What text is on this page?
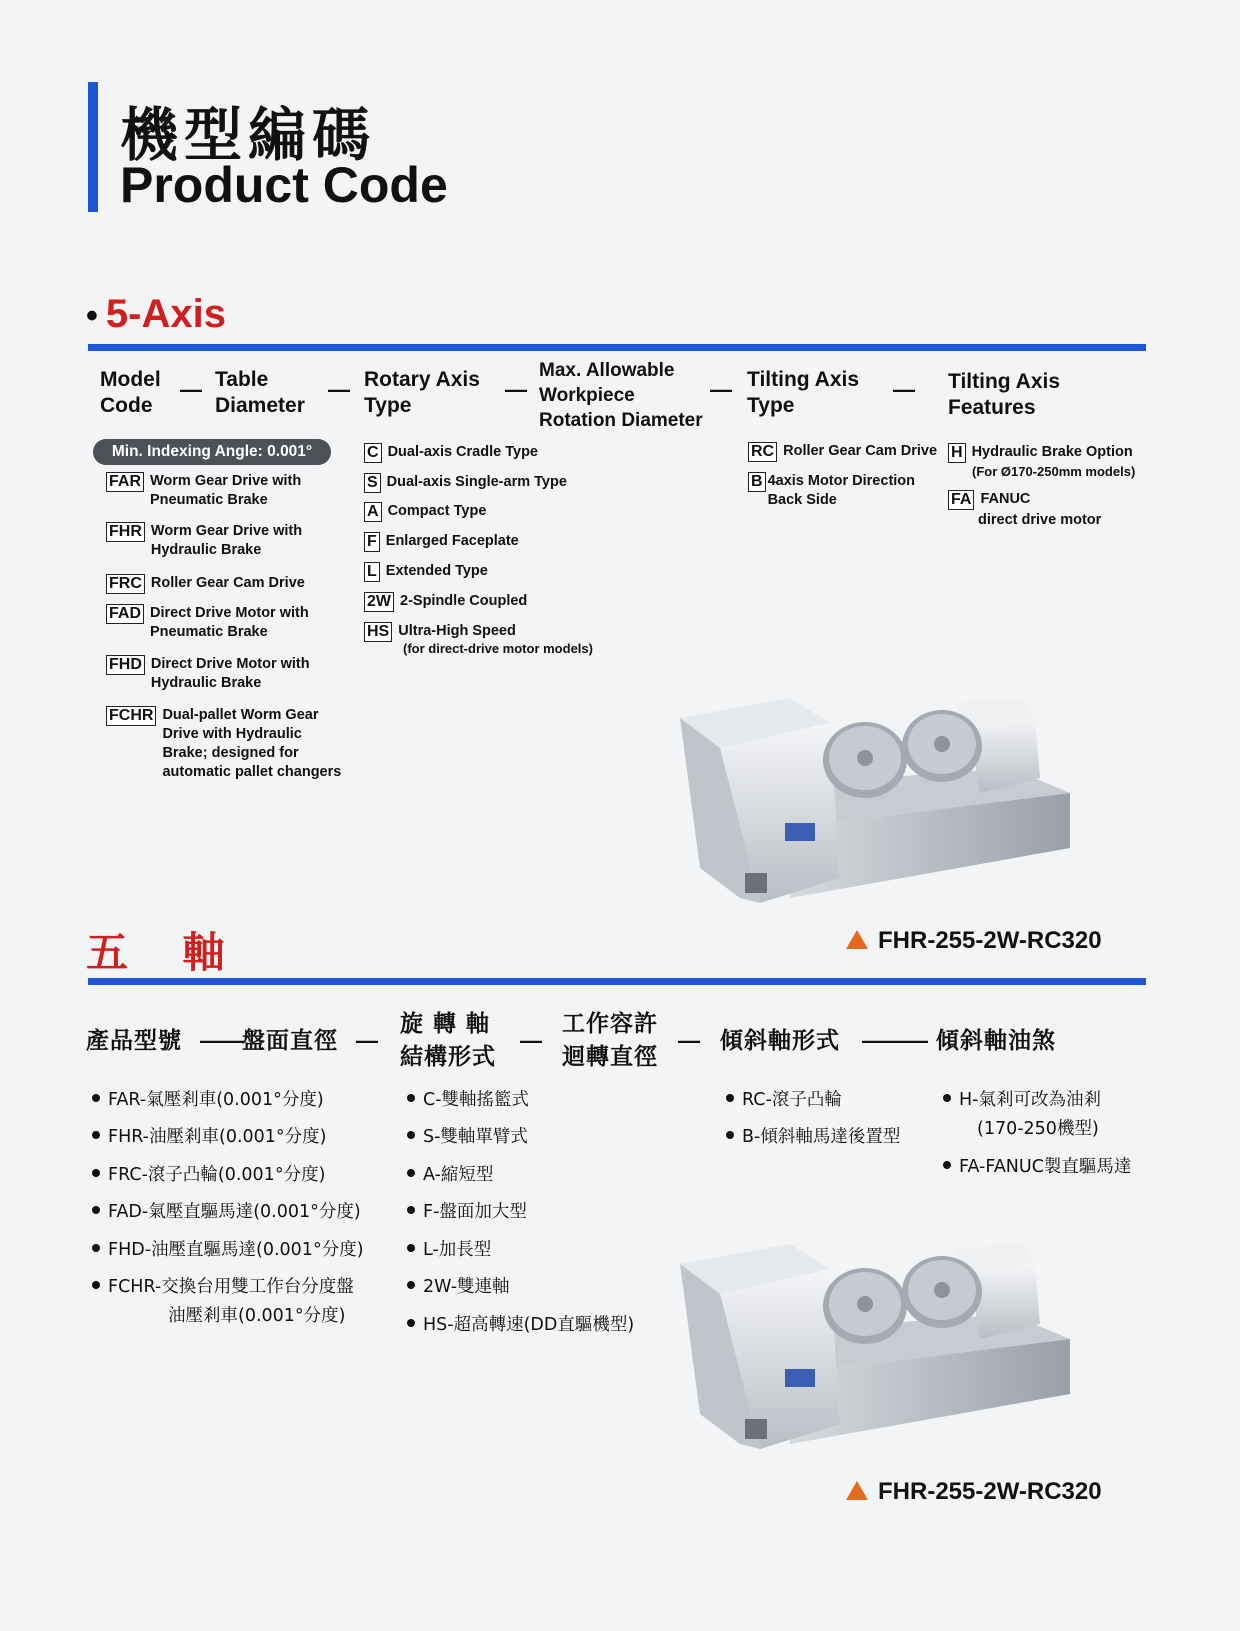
機型編碼
Product Code
• 5-Axis
Model
Code
— Table
Diameter
— Rotary Axis
Type
—
Max. Allowable
Workpiece
Rotation Diameter
— Tilting Axis
Type
— Tilting Axis
Features
Min. Indexing Angle: 0.001°
FAR Worm Gear Drive with
Pneumatic Brake
FHR Worm Gear Drive with
Hydraulic Brake
FRC Roller Gear Cam Drive
FAD Direct Drive Motor with
Pneumatic Brake
FHD Direct Drive Motor with
Hydraulic Brake
FCHR Dual-pallet Worm Gear
Drive with Hydraulic
Brake; designed for
automatic pallet changers
C Dual-axis Cradle Type
S Dual-axis Single-arm Type
A Compact Type
F Enlarged Faceplate
L Extended Type
2W 2-Spindle Coupled
HS Ultra-High Speed
(for direct-drive motor models)
RC Roller Gear Cam Drive
B 4axis Motor Direction
Back Side
H Hydraulic Brake Option
(For Ø170-250mm models)
FA FANUC
direct drive motor
FHR-255-2W-RC320
五 軸
產品型號 ——
盤面直徑 —
旋 轉 軸
結構形式
—
工作容許
迴轉直徑
— 傾斜軸形式 ——— 傾斜軸油煞
FAR-氣壓剎車(0.001°分度)
FHR-油壓剎車(0.001°分度)
FRC-滾子凸輪(0.001°分度)
FAD-氣壓直驅馬達(0.001°分度)
FHD-油壓直驅馬達(0.001°分度)
FCHR-交換台用雙工作台分度盤
油壓剎車(0.001°分度)
C-雙軸搖籃式
S-雙軸單臂式
A-縮短型
F-盤面加大型
L-加長型
2W-雙連軸
HS-超高轉速(DD直驅機型)
RC-滾子凸輪
B-傾斜軸馬達後置型
H-氣剎可改為油剎
(170-250機型)
FA-FANUC製直驅馬達
FHR-255-2W-RC320
